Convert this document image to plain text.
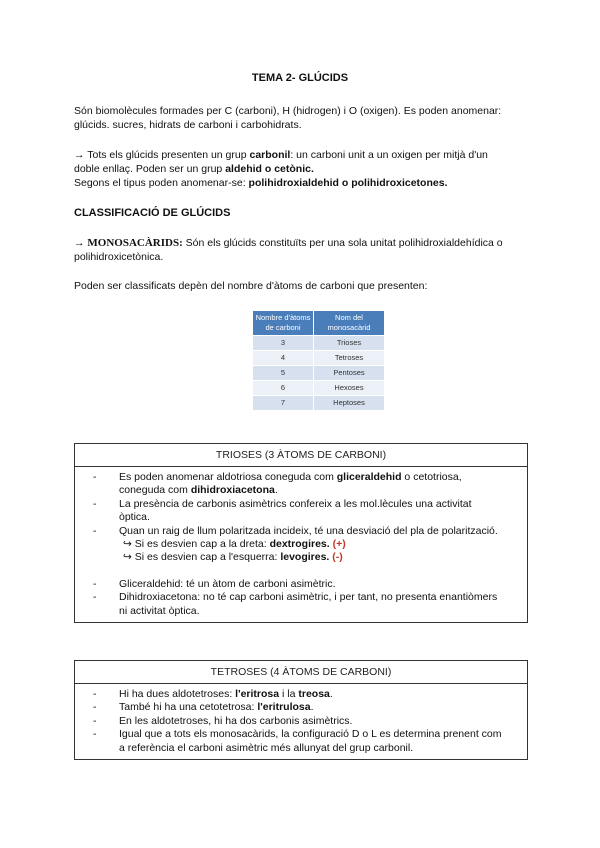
TEMA 2- GLÚCIDS

Són biomolècules formades per C (carboni), H (hidrogen) i O (oxigen). Es poden anomenar:

glúcids. sucres, hidrats de carboni i carbohidrats.

→ Tots els glúcids presenten un grup carbonil: un carboni unit a un oxigen per mitjà d'un

doble enllaç. Poden ser un grup aldehid o cetònic.

Segons el tipus poden anomenar-se: polihidroxialdehid o polihidroxicetones.

CLASSIFICACIÓ DE GLÚCIDS

→ MONOSACÀRIDS: Són els glúcids constituïts per una sola unitat polihidroxialdehídica o

polihidroxicetònica.

Poden ser classificats depèn del nombre d'àtoms de carboni que presenten:
Nombre d'àtoms de carboni	Nom del monosacàrid
3	Trioses
4	Tetroses
5	Pentoses
6	Hexoses
7	Heptoses
TRIOSES (3 ÀTOMS DE CARBONI)
-	Es poden anomenar aldotriosa coneguda com gliceraldehid o cetotriosa,
coneguda com dihidroxiacetona.
-	La presència de carbonis asimètrics confereix a les mol.lècules una activitat
òptica.
-	Quan un raig de llum polaritzada incideix, té una desviació del pla de polarització.
↪ Si es desvien cap a la dreta: dextrogires. (+)
↪ Si es desvien cap a l'esquerra: levogires. (-)
-	Gliceraldehid: té un àtom de carboni asimètric.
-	Dihidroxiacetona: no té cap carboni asimètric, i per tant, no presenta enantiòmers
ni activitat òptica.
TETROSES (4 ÀTOMS DE CARBONI)
-	Hi ha dues aldotetroses: l'eritrosa i la treosa.
-	També hi ha una cetotetrosa: l'eritrulosa.
-	En les aldotetroses, hi ha dos carbonis asimètrics.
-	Igual que a tots els monosacàrids, la configuració D o L es determina prenent com
a referència el carboni asimètric més allunyat del grup carbonil.
